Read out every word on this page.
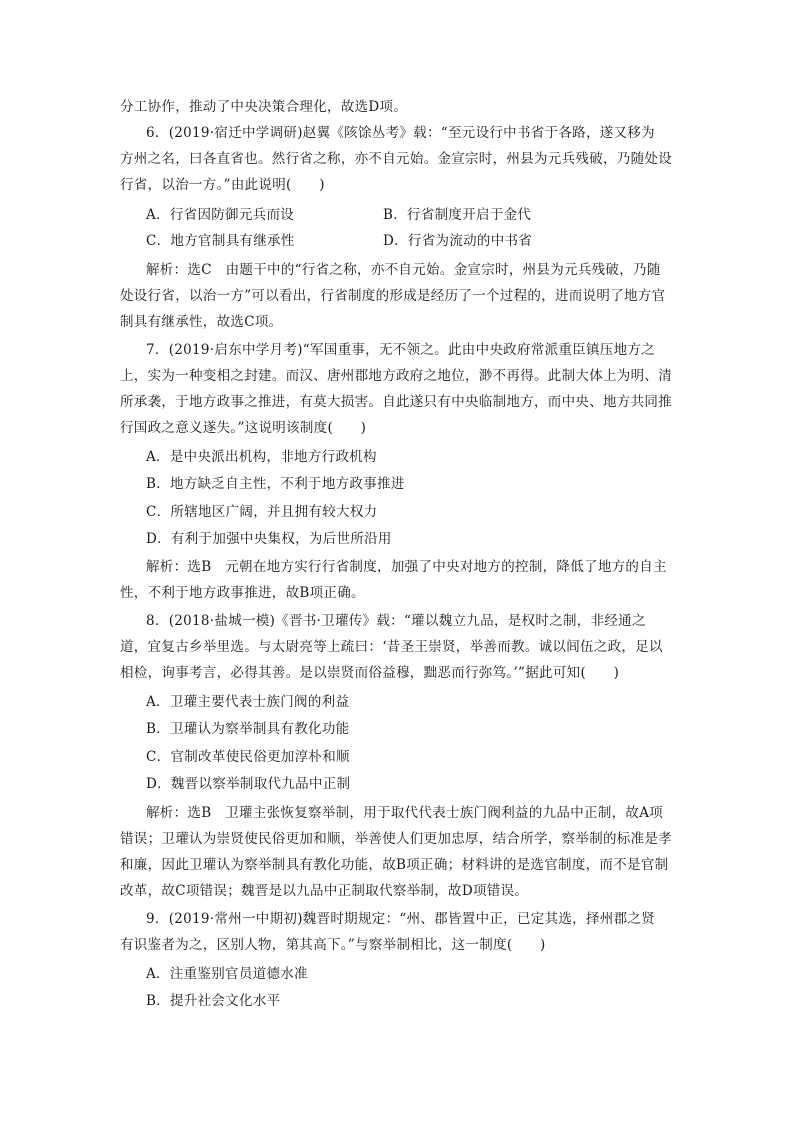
分工协作，推动了中央决策合理化，故选D项。
6．(2019·宿迁中学调研)赵翼《陔馀丛考》载：“至元设行中书省于各路，遂又移为
方州之名，曰各直省也。然行省之称，亦不自元始。金宣宗时，州县为元兵残破，乃随处设
行省，以治一方。”由此说明(　　)
A．行省因防御元兵而设	B．行省制度开启于金代
C．地方官制具有继承性	D．行省为流动的中书省
解析：选C　由题干中的“行省之称，亦不自元始。金宣宗时，州县为元兵残破，乃随
处设行省，以治一方”可以看出，行省制度的形成是经历了一个过程的，进而说明了地方官
制具有继承性，故选C项。
7．(2019·启东中学月考)“军国重事，无不领之。此由中央政府常派重臣镇压地方之
上，实为一种变相之封建。而汉、唐州郡地方政府之地位，渺不再得。此制大体上为明、清
所承袭，于地方政事之推进，有莫大损害。自此遂只有中央临制地方，而中央、地方共同推
行国政之意义遂失。”这说明该制度(　　)
A．是中央派出机构，非地方行政机构
B．地方缺乏自主性，不利于地方政事推进
C．所辖地区广阔，并且拥有较大权力
D．有利于加强中央集权，为后世所沿用
解析：选B　元朝在地方实行行省制度，加强了中央对地方的控制，降低了地方的自主
性，不利于地方政事推进，故B项正确。
8．(2018·盐城一模)《晋书·卫瓘传》载：“瓘以魏立九品，是权时之制，非经通之
道，宜复古乡举里选。与太尉亮等上疏曰：‘昔圣王崇贤，举善而教。诚以闾伍之政，足以
相检，询事考言，必得其善。是以崇贤而俗益穆，黜恶而行弥笃。’”据此可知(　　)
A．卫瓘主要代表士族门阀的利益
B．卫瓘认为察举制具有教化功能
C．官制改革使民俗更加淳朴和顺
D．魏晋以察举制取代九品中正制
解析：选B　卫瓘主张恢复察举制，用于取代代表士族门阀利益的九品中正制，故A项
错误；卫瓘认为崇贤使民俗更加和顺，举善使人们更加忠厚，结合所学，察举制的标准是孝
和廉，因此卫瓘认为察举制具有教化功能，故B项正确；材料讲的是选官制度，而不是官制
改革，故C项错误；魏晋是以九品中正制取代察举制，故D项错误。
9．(2019·常州一中期初)魏晋时期规定：“州、郡皆置中正，已定其选，择州郡之贤
有识鉴者为之，区别人物，第其高下。”与察举制相比，这一制度(　　)
A．注重鉴别官员道德水准
B．提升社会文化水平
